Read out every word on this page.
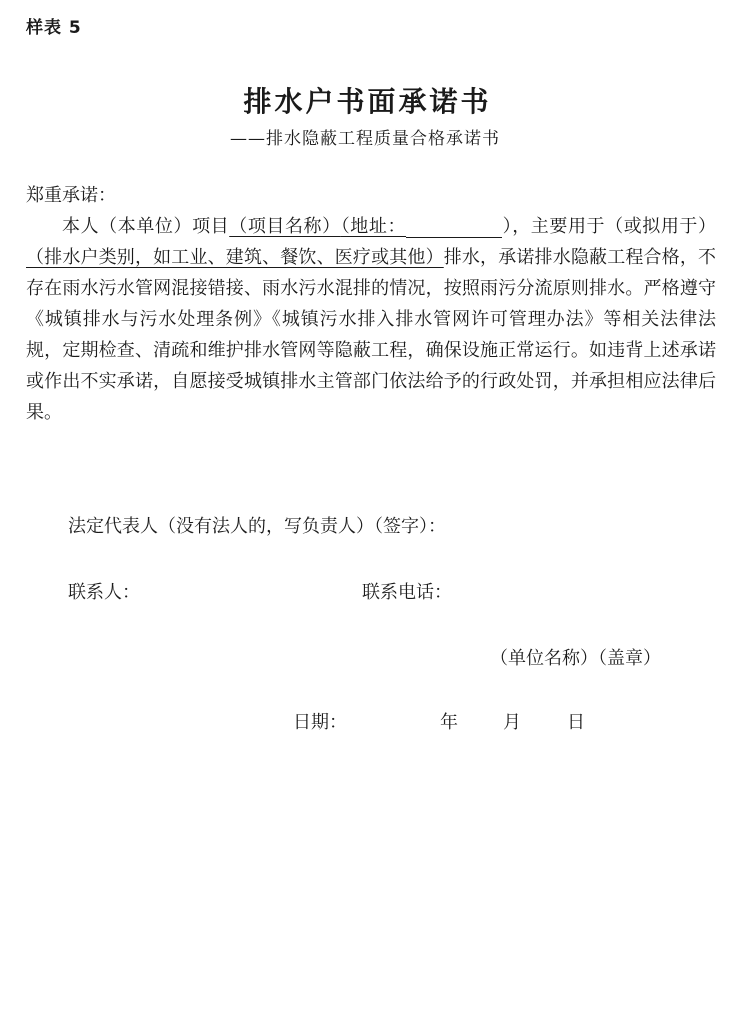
样表 5
排水户书面承诺书
——排水隐蔽工程质量合格承诺书

郑重承诺：

本人（本单位）项目（项目名称）（地址：	），主要用于（或拟用于）（排水户类别，如工业、建筑、餐饮、医疗或其他）排水，承诺排水隐蔽工程合格，不存在雨水污水管网混接错接、雨水污水混排的情况，按照雨污分流原则排水。严格遵守《城镇排水与污水处理条例》《城镇污水排入排水管网许可管理办法》等相关法律法规，定期检查、清疏和维护排水管网等隐蔽工程，确保设施正常运行。如违背上述承诺或作出不实承诺，自愿接受城镇排水主管部门依法给予的行政处罚，并承担相应法律后果。

法定代表人（没有法人的，写负责人）（签字）：
联系人：	联系电话：
（单位名称）（盖章）
日期：	年	月	日
